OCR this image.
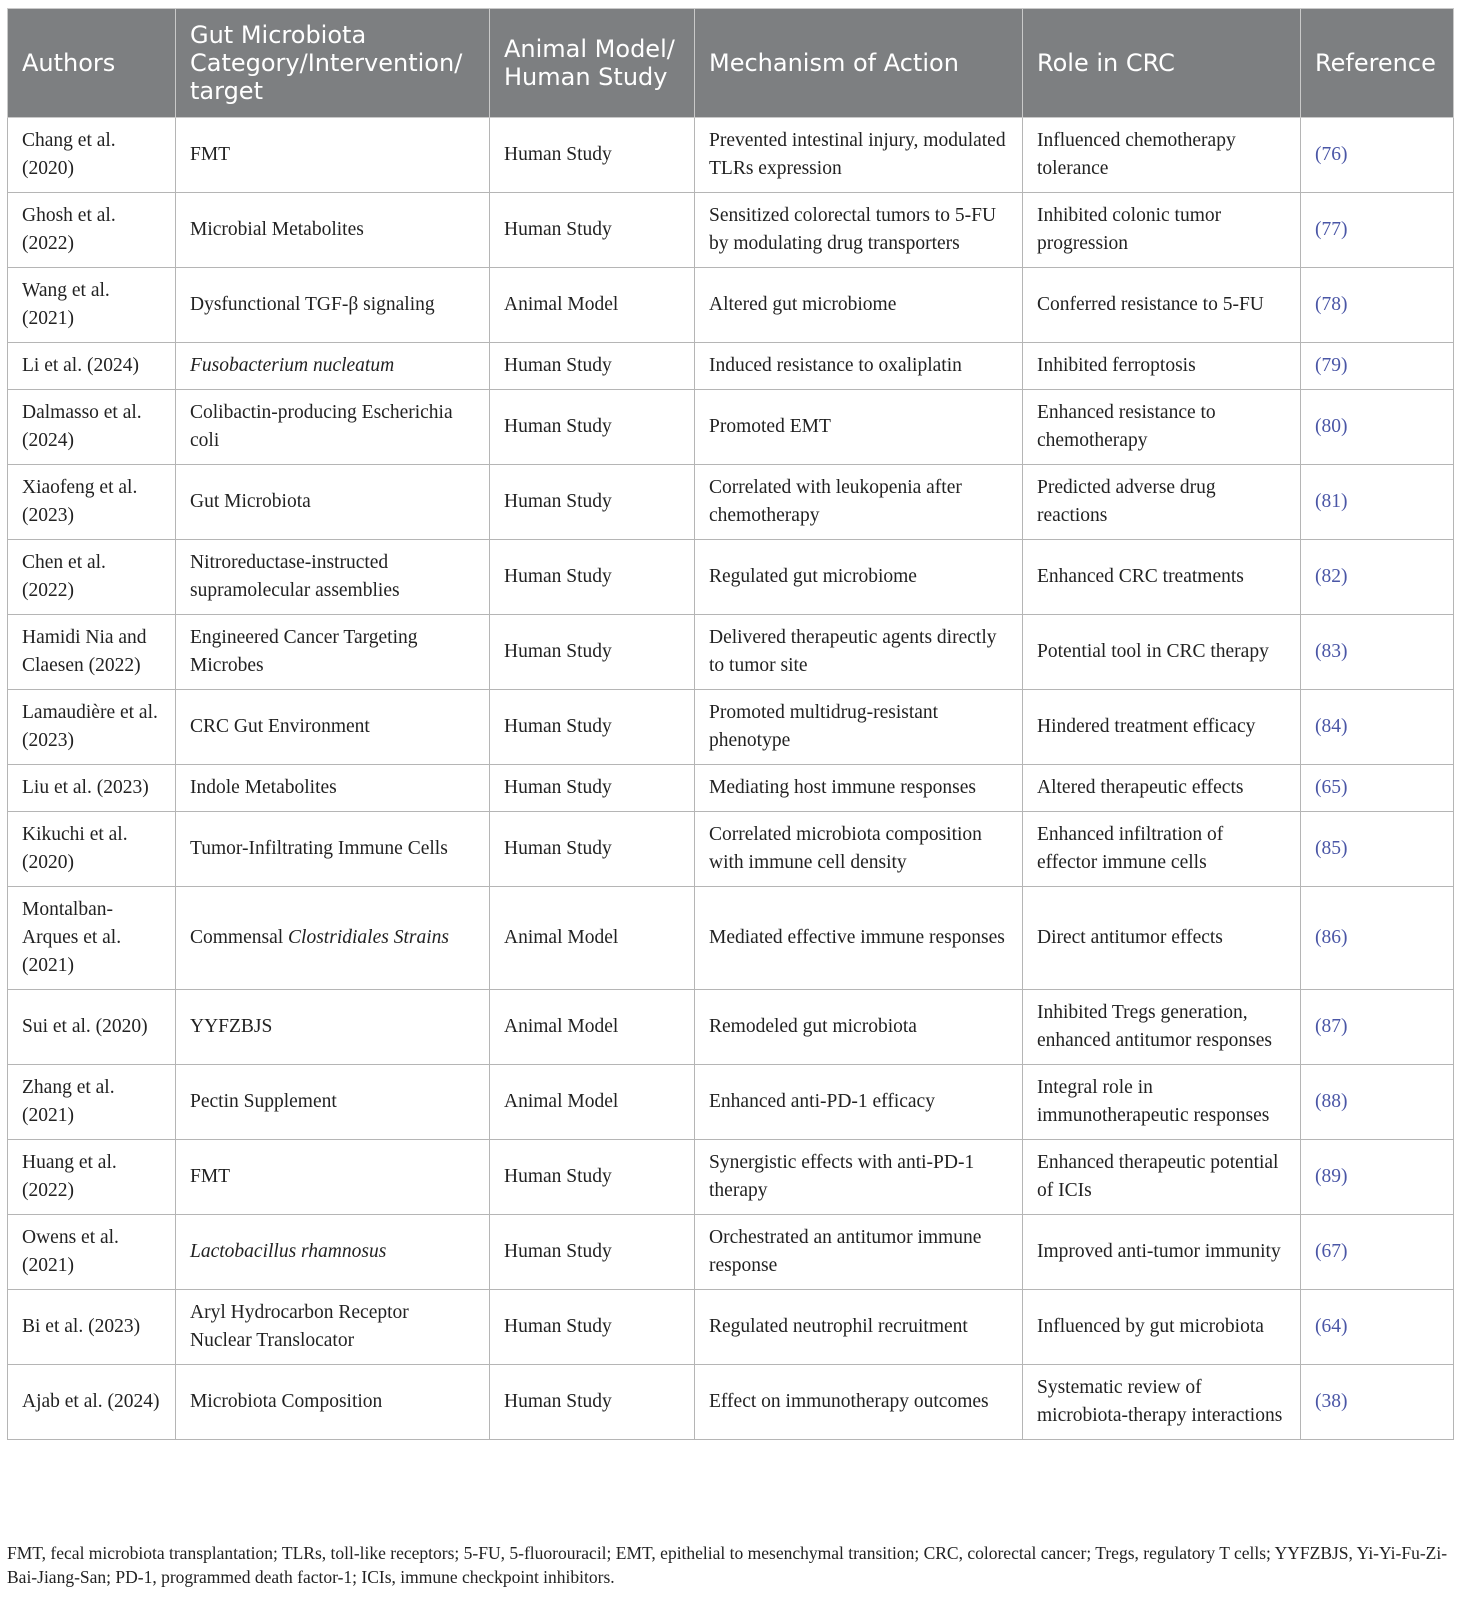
Authors	Gut Microbiota Category/Intervention/ target	Animal Model/ Human Study	Mechanism of Action	Role in CRC	Reference
Chang et al. (2020)	FMT	Human Study	Prevented intestinal injury, modulated TLRs expression	Influenced chemotherapy tolerance	(76)
Ghosh et al. (2022)	Microbial Metabolites	Human Study	Sensitized colorectal tumors to 5-FU by modulating drug transporters	Inhibited colonic tumor progression	(77)
Wang et al. (2021)	Dysfunctional TGF-β signaling	Animal Model	Altered gut microbiome	Conferred resistance to 5-FU	(78)
Li et al. (2024)	Fusobacterium nucleatum	Human Study	Induced resistance to oxaliplatin	Inhibited ferroptosis	(79)
Dalmasso et al. (2024)	Colibactin-producing Escherichia coli	Human Study	Promoted EMT	Enhanced resistance to chemotherapy	(80)
Xiaofeng et al. (2023)	Gut Microbiota	Human Study	Correlated with leukopenia after chemotherapy	Predicted adverse drug reactions	(81)
Chen et al. (2022)	Nitroreductase-instructed supramolecular assemblies	Human Study	Regulated gut microbiome	Enhanced CRC treatments	(82)
Hamidi Nia and Claesen (2022)	Engineered Cancer Targeting Microbes	Human Study	Delivered therapeutic agents directly to tumor site	Potential tool in CRC therapy	(83)
Lamaudière et al. (2023)	CRC Gut Environment	Human Study	Promoted multidrug-resistant phenotype	Hindered treatment efficacy	(84)
Liu et al. (2023)	Indole Metabolites	Human Study	Mediating host immune responses	Altered therapeutic effects	(65)
Kikuchi et al. (2020)	Tumor-Infiltrating Immune Cells	Human Study	Correlated microbiota composition with immune cell density	Enhanced infiltration of effector immune cells	(85)
Montalban-Arques et al. (2021)	Commensal Clostridiales Strains	Animal Model	Mediated effective immune responses	Direct antitumor effects	(86)
Sui et al. (2020)	YYFZBJS	Animal Model	Remodeled gut microbiota	Inhibited Tregs generation, enhanced antitumor responses	(87)
Zhang et al. (2021)	Pectin Supplement	Animal Model	Enhanced anti-PD-1 efficacy	Integral role in immunotherapeutic responses	(88)
Huang et al. (2022)	FMT	Human Study	Synergistic effects with anti-PD-1 therapy	Enhanced therapeutic potential of ICIs	(89)
Owens et al. (2021)	Lactobacillus rhamnosus	Human Study	Orchestrated an antitumor immune response	Improved anti-tumor immunity	(67)
Bi et al. (2023)	Aryl Hydrocarbon Receptor Nuclear Translocator	Human Study	Regulated neutrophil recruitment	Influenced by gut microbiota	(64)
Ajab et al. (2024)	Microbiota Composition	Human Study	Effect on immunotherapy outcomes	Systematic review of microbiota-therapy interactions	(38)
FMT, fecal microbiota transplantation; TLRs, toll-like receptors; 5-FU, 5-fluorouracil; EMT, epithelial to mesenchymal transition; CRC, colorectal cancer; Tregs, regulatory T cells; YYFZBJS, Yi-Yi-Fu-Zi-Bai-Jiang-San; PD-1, programmed death factor-1; ICIs, immune checkpoint inhibitors.
